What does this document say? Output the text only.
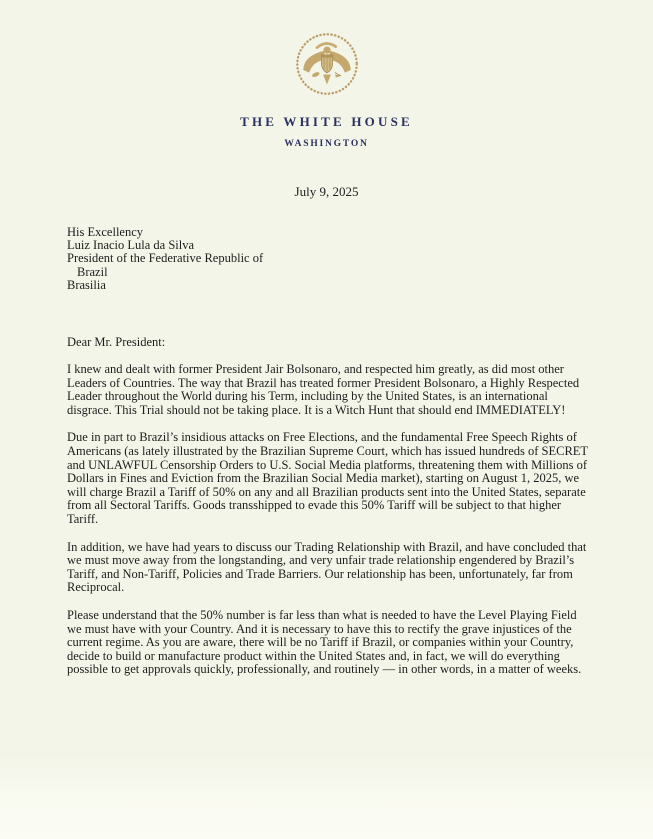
THE WHITE HOUSE
WASHINGTON
July 9, 2025
His Excellency
Luiz Inacio Lula da Silva
President of the Federative Republic of
Brazil
Brasilia
Dear Mr. President:

I knew and dealt with former President Jair Bolsonaro, and respected him greatly, as did most other Leaders of Countries. The way that Brazil has treated former President Bolsonaro, a Highly Respected Leader throughout the World during his Term, including by the United States, is an international disgrace. This Trial should not be taking place. It is a Witch Hunt that should end IMMEDIATELY!

Due in part to Brazil’s insidious attacks on Free Elections, and the fundamental Free Speech Rights of Americans (as lately illustrated by the Brazilian Supreme Court, which has issued hundreds of SECRET and UNLAWFUL Censorship Orders to U.S. Social Media platforms, threatening them with Millions of Dollars in Fines and Eviction from the Brazilian Social Media market), starting on August 1, 2025, we will charge Brazil a Tariff of 50% on any and all Brazilian products sent into the United States, separate from all Sectoral Tariffs. Goods transshipped to evade this 50% Tariff will be subject to that higher Tariff.

In addition, we have had years to discuss our Trading Relationship with Brazil, and have concluded that we must move away from the longstanding, and very unfair trade relationship engendered by Brazil’s Tariff, and Non-Tariff, Policies and Trade Barriers. Our relationship has been, unfortunately, far from Reciprocal.

Please understand that the 50% number is far less than what is needed to have the Level Playing Field we must have with your Country. And it is necessary to have this to rectify the grave injustices of the current regime. As you are aware, there will be no Tariff if Brazil, or companies within your Country, decide to build or manufacture product within the United States and, in fact, we will do everything possible to get approvals quickly, professionally, and routinely — in other words, in a matter of weeks.
